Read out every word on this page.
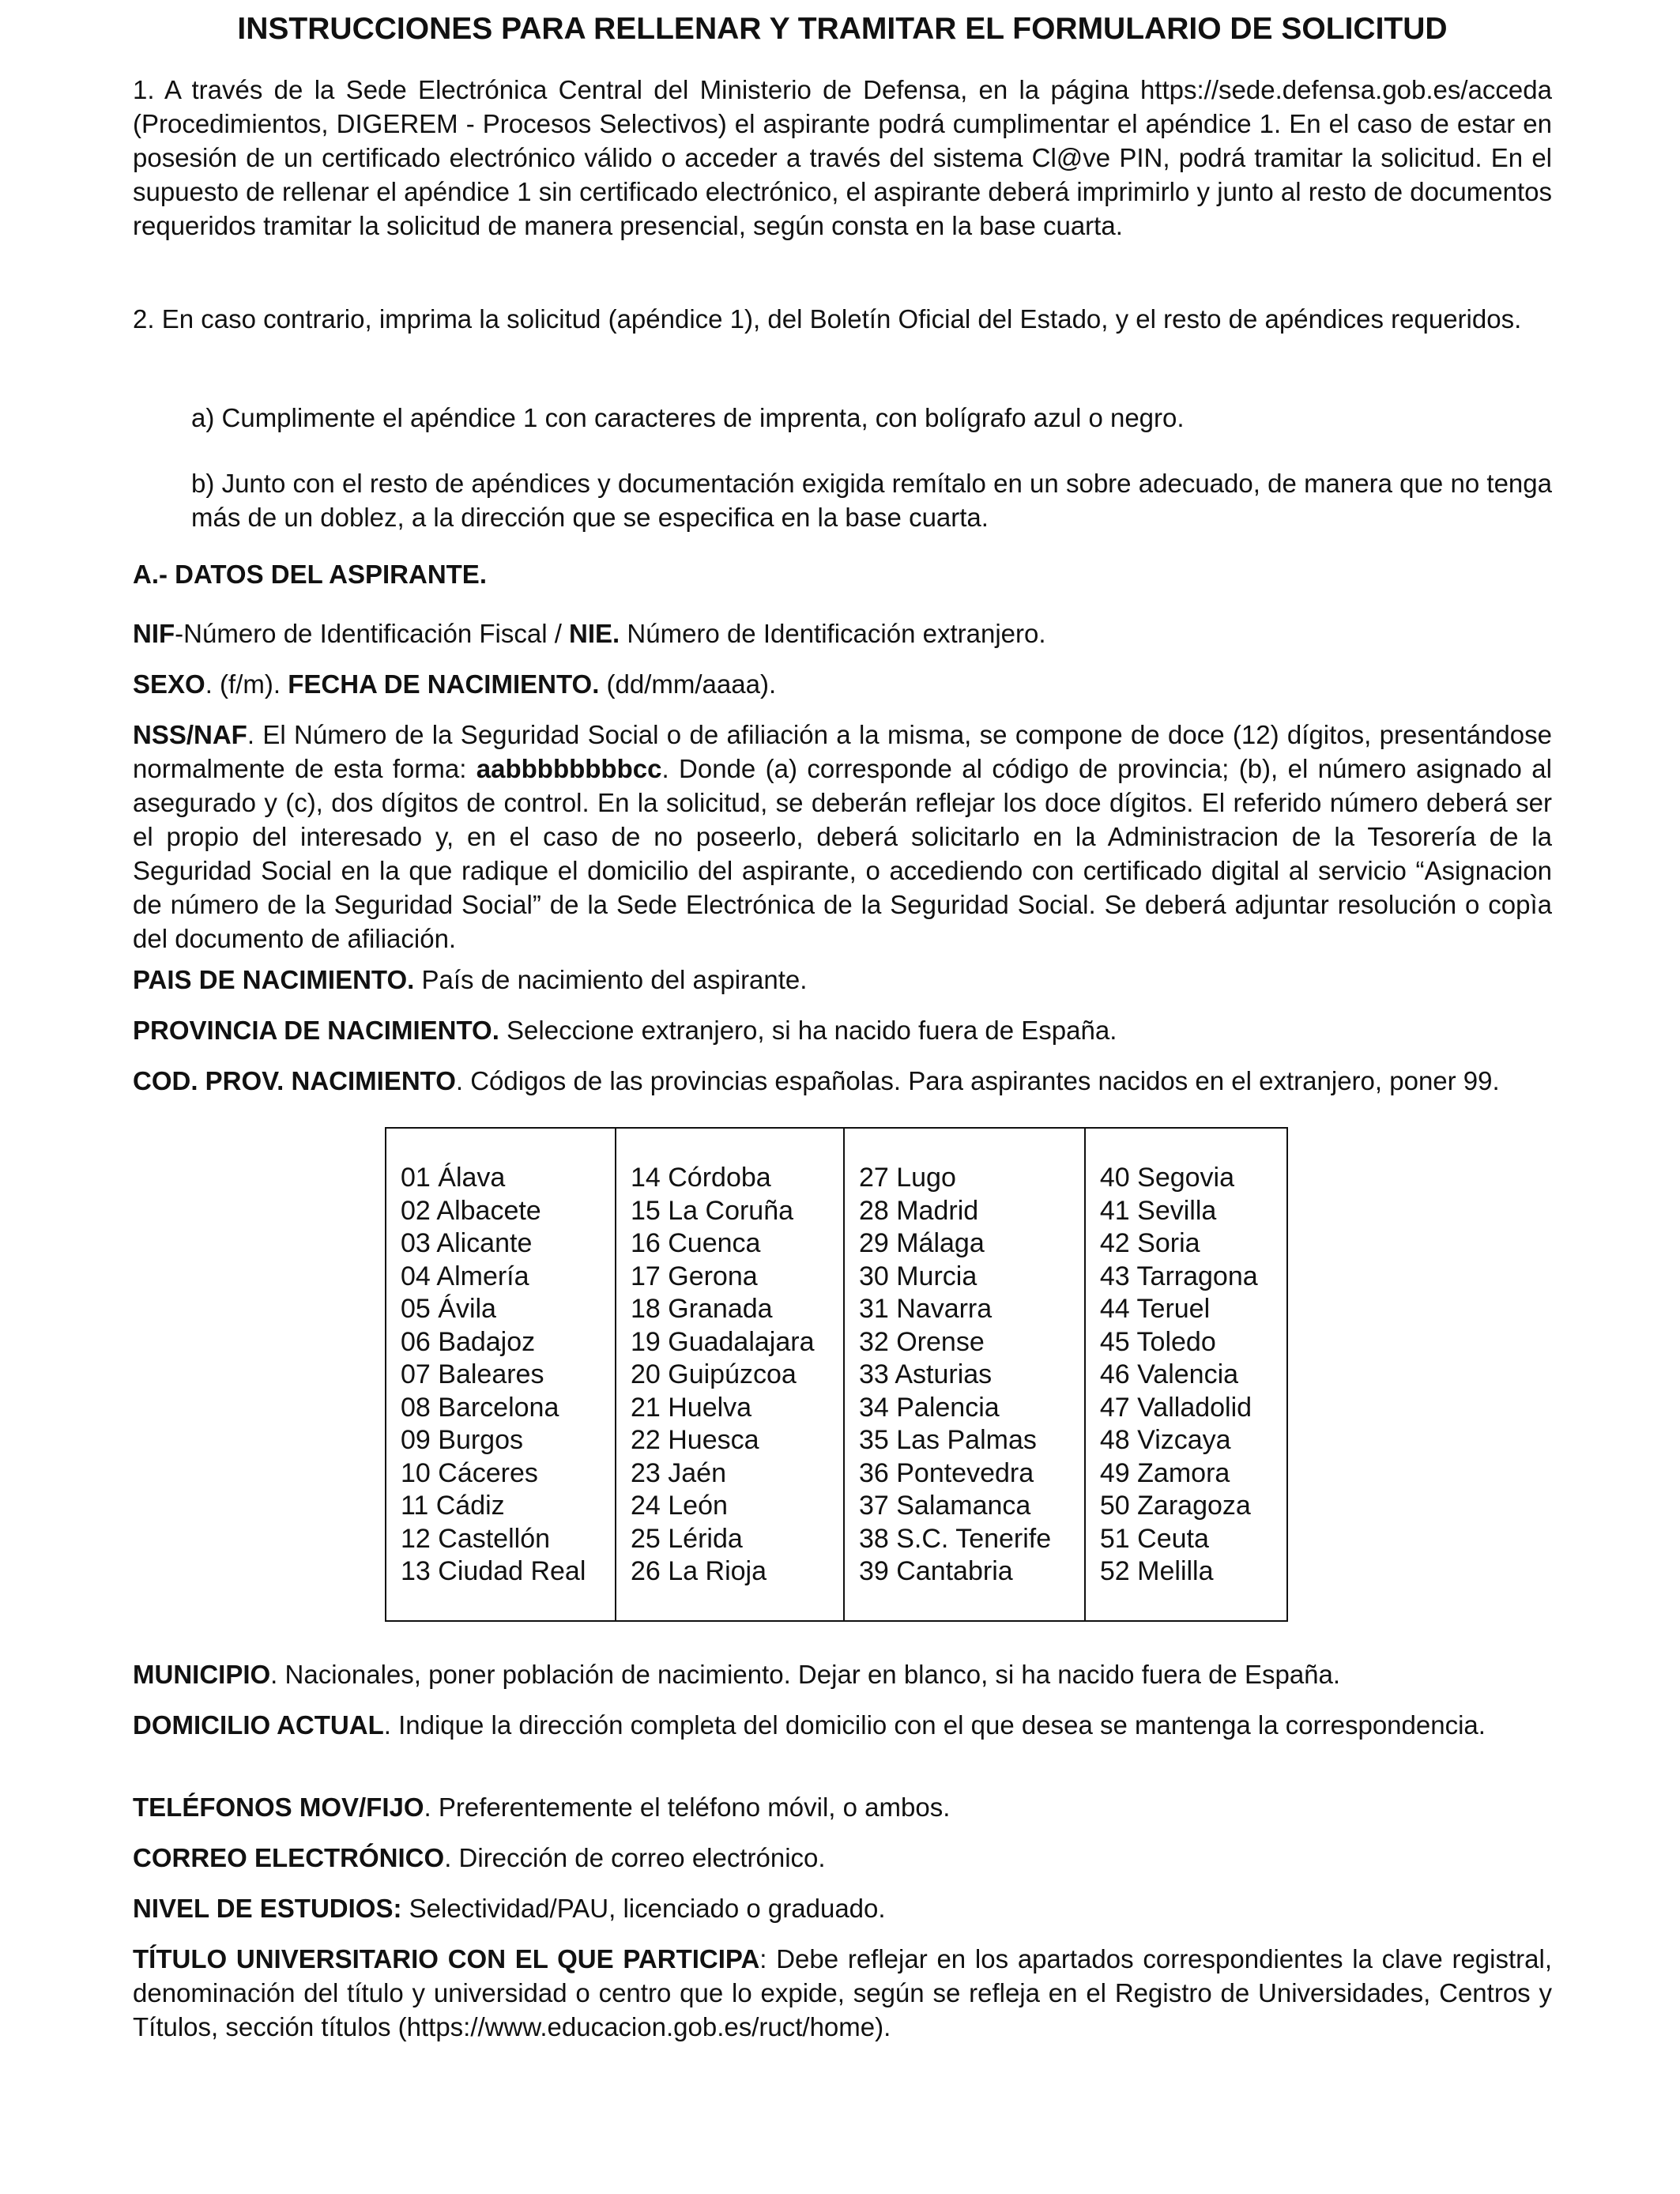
INSTRUCCIONES PARA RELLENAR Y TRAMITAR EL FORMULARIO DE SOLICITUD

1. A través de la Sede Electrónica Central del Ministerio de Defensa, en la página https://sede.defensa.gob.es/acceda (Procedimientos, DIGEREM - Procesos Selectivos) el aspirante podrá cumplimentar el apéndice 1. En el caso de estar en posesión de un certificado electrónico válido o acceder a través del sistema Cl@ve PIN, podrá tramitar la solicitud. En el supuesto de rellenar el apéndice 1 sin certificado electrónico, el aspirante deberá imprimirlo y junto al resto de documentos requeridos tramitar la solicitud de manera presencial, según consta en la base cuarta.

2. En caso contrario, imprima la solicitud (apéndice 1), del Boletín Oficial del Estado, y el resto de apéndices requeridos.

a) Cumplimente el apéndice 1 con caracteres de imprenta, con bolígrafo azul o negro.

b) Junto con el resto de apéndices y documentación exigida remítalo en un sobre adecuado, de manera que no tenga más de un doblez, a la dirección que se especifica en la base cuarta.

A.- DATOS DEL ASPIRANTE.

NIF-Número de Identificación Fiscal / NIE. Número de Identificación extranjero.

SEXO. (f/m). FECHA DE NACIMIENTO. (dd/mm/aaaa).

NSS/NAF. El Número de la Seguridad Social o de afiliación a la misma, se compone de doce (12) dígitos, presentándose normalmente de esta forma: aabbbbbbbbcc. Donde (a) corresponde al código de provincia; (b), el número asignado al asegurado y (c), dos dígitos de control. En la solicitud, se deberán reflejar los doce dígitos. El referido número deberá ser el propio del interesado y, en el caso de no poseerlo, deberá solicitarlo en la Administracion de la Tesorería de la Seguridad Social en la que radique el domicilio del aspirante, o accediendo con certificado digital al servicio “Asignacion de número de la Seguridad Social” de la Sede Electrónica de la Seguridad Social. Se deberá adjuntar resolución o copìa del documento de afiliación.

PAIS DE NACIMIENTO. País de nacimiento del aspirante.

PROVINCIA DE NACIMIENTO. Seleccione extranjero, si ha nacido fuera de España.

COD. PROV. NACIMIENTO. Códigos de las provincias españolas. Para aspirantes nacidos en el extranjero, poner 99.

01 Álava
02 Albacete
03 Alicante
04 Almería
05 Ávila
06 Badajoz
07 Baleares
08 Barcelona
09 Burgos
10 Cáceres
11 Cádiz
12 Castellón
13 Ciudad Real
14 Córdoba
15 La Coruña
16 Cuenca
17 Gerona
18 Granada
19 Guadalajara
20 Guipúzcoa
21 Huelva
22 Huesca
23 Jaén
24 León
25 Lérida
26 La Rioja
27 Lugo
28 Madrid
29 Málaga
30 Murcia
31 Navarra
32 Orense
33 Asturias
34 Palencia
35 Las Palmas
36 Pontevedra
37 Salamanca
38 S.C. Tenerife
39 Cantabria
40 Segovia
41 Sevilla
42 Soria
43 Tarragona
44 Teruel
45 Toledo
46 Valencia
47 Valladolid
48 Vizcaya
49 Zamora
50 Zaragoza
51 Ceuta
52 Melilla

MUNICIPIO. Nacionales, poner población de nacimiento. Dejar en blanco, si ha nacido fuera de España.

DOMICILIO ACTUAL. Indique la dirección completa del domicilio con el que desea se mantenga la correspondencia.

TELÉFONOS MOV/FIJO. Preferentemente el teléfono móvil, o ambos.

CORREO ELECTRÓNICO. Dirección de correo electrónico.

NIVEL DE ESTUDIOS: Selectividad/PAU, licenciado o graduado.

TÍTULO UNIVERSITARIO CON EL QUE PARTICIPA: Debe reflejar en los apartados correspondientes la clave registral, denominación del título y universidad o centro que lo expide, según se refleja en el Registro de Universidades, Centros y Títulos, sección títulos (https://www.educacion.gob.es/ruct/home).
